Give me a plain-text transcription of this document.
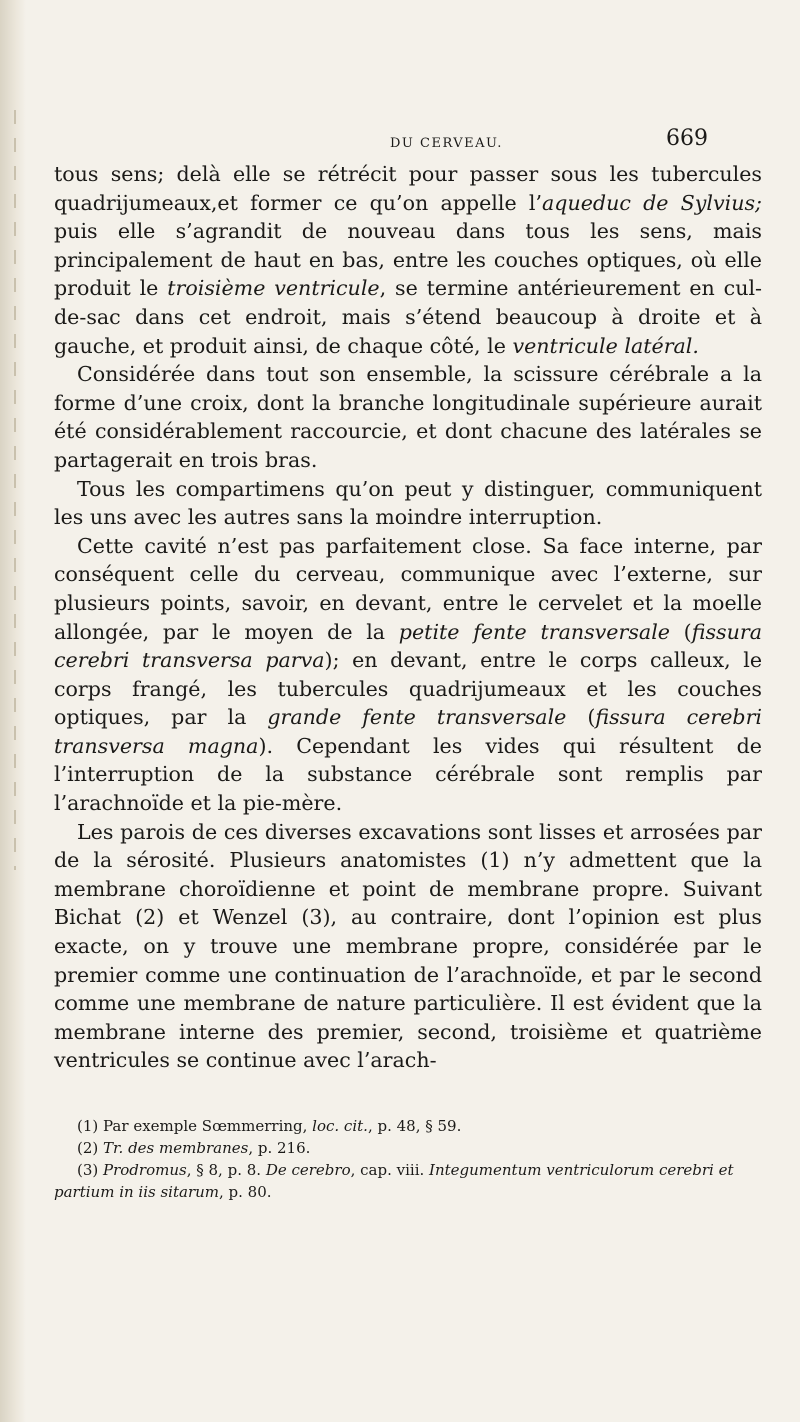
DU CERVEAU.	669

tous sens; delà elle se rétrécit pour passer sous les tubercules quadrijumeaux,et former ce qu’on appelle l’aqueduc de Sylvius; puis elle s’agrandit de nouveau dans tous les sens, mais principalement de haut en bas, entre les couches optiques, où elle produit le troisième ventricule, se termine antérieurement en cul-de-sac dans cet endroit, mais s’étend beaucoup à droite et à gauche, et produit ainsi, de chaque côté, le ventricule latéral.

Considérée dans tout son ensemble, la scissure cérébrale a la forme d’une croix, dont la branche longitudinale supérieure aurait été considérablement raccourcie, et dont chacune des latérales se partagerait en trois bras.

Tous les compartimens qu’on peut y distinguer, communiquent les uns avec les autres sans la moindre interruption.

Cette cavité n’est pas parfaitement close. Sa face interne, par conséquent celle du cerveau, communique avec l’externe, sur plusieurs points, savoir, en devant, entre le cervelet et la moelle allongée, par le moyen de la petite fente transversale (fissura cerebri transversa parva); en devant, entre le corps calleux, le corps frangé, les tubercules quadrijumeaux et les couches optiques, par la grande fente transversale (fissura cerebri transversa magna). Cependant les vides qui résultent de l’interruption de la substance cérébrale sont remplis par l’arachnoïde et la pie-mère.

Les parois de ces diverses excavations sont lisses et arrosées par de la sérosité. Plusieurs anatomistes (1) n’y admettent que la membrane choroïdienne et point de membrane propre. Suivant Bichat (2) et Wenzel (3), au contraire, dont l’opinion est plus exacte, on y trouve une membrane propre, considérée par le premier comme une continuation de l’arachnoïde, et par le second comme une membrane de nature particulière. Il est évident que la membrane interne des premier, second, troisième et quatrième ventricules se continue avec l’arach-

(1) Par exemple Sœmmerring, loc. cit., p. 48, § 59.

(2) Tr. des membranes, p. 216.

(3) Prodromus, § 8, p. 8. De cerebro, cap. viii. Integumentum ventriculorum cerebri et partium in iis sitarum, p. 80.
